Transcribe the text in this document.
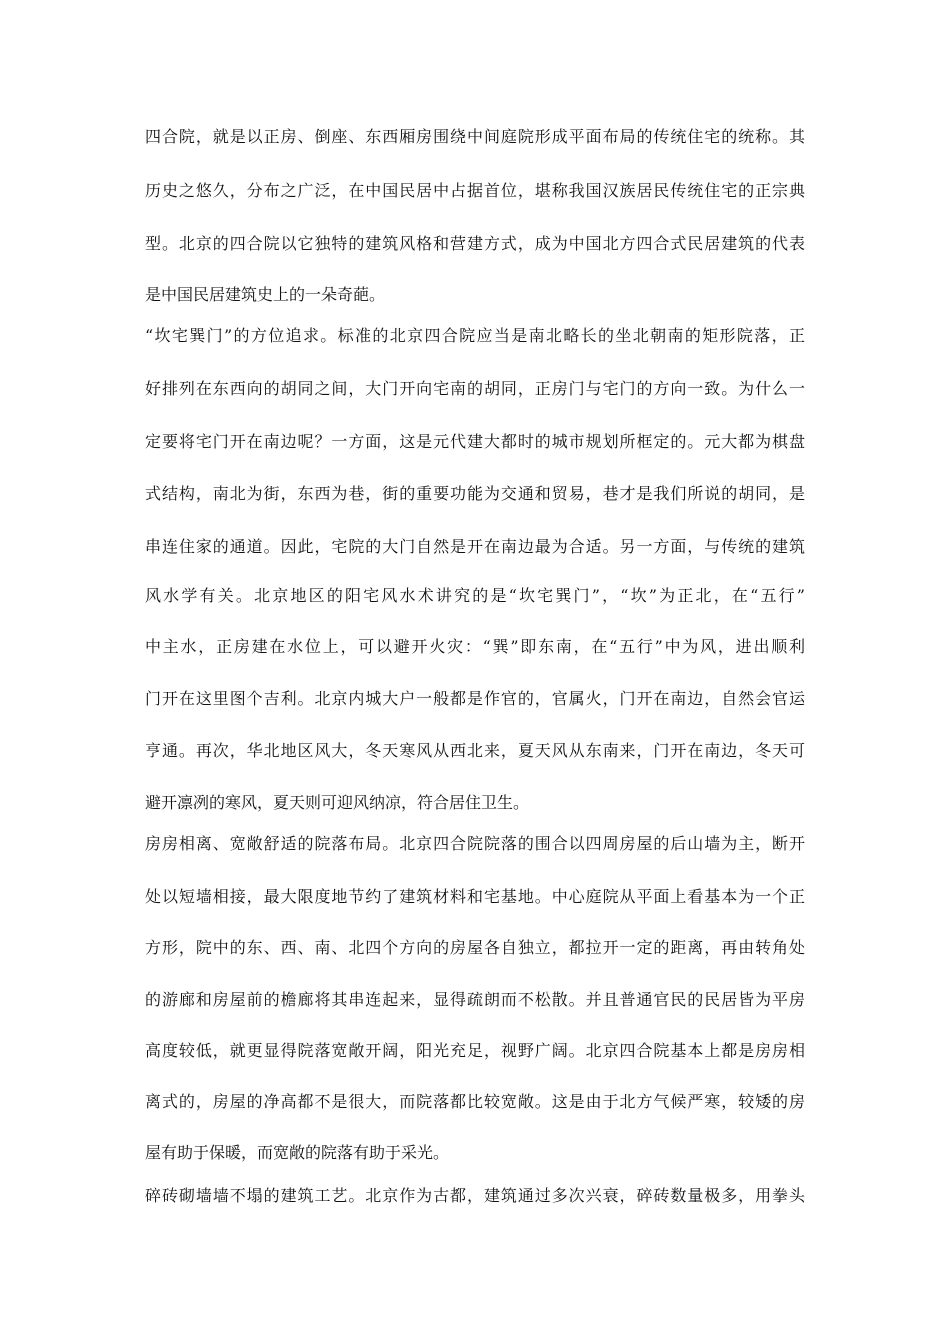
四合院，就是以正房、倒座、东西厢房围绕中间庭院形成平面布局的传统住宅的统称。其
历史之悠久，分布之广泛，在中国民居中占据首位，堪称我国汉族居民传统住宅的正宗典
型。北京的四合院以它独特的建筑风格和营建方式，成为中国北方四合式民居建筑的代表
是中国民居建筑史上的一朵奇葩。
“坎宅巽门”的方位追求。标准的北京四合院应当是南北略长的坐北朝南的矩形院落，正
好排列在东西向的胡同之间，大门开向宅南的胡同，正房门与宅门的方向一致。为什么一
定要将宅门开在南边呢？一方面，这是元代建大都时的城市规划所框定的。元大都为棋盘
式结构，南北为街，东西为巷，街的重要功能为交通和贸易，巷才是我们所说的胡同，是
串连住家的通道。因此，宅院的大门自然是开在南边最为合适。另一方面，与传统的建筑
风水学有关。北京地区的阳宅风水术讲究的是“坎宅巽门”，“坎”为正北，在“五行”
中主水，正房建在水位上，可以避开火灾：“巽”即东南，在“五行”中为风，进出顺利
门开在这里图个吉利。北京内城大户一般都是作官的，官属火，门开在南边，自然会官运
亨通。再次，华北地区风大，冬天寒风从西北来，夏天风从东南来，门开在南边，冬天可
避开凛冽的寒风，夏天则可迎风纳凉，符合居住卫生。
房房相离、宽敞舒适的院落布局。北京四合院院落的围合以四周房屋的后山墙为主，断开
处以短墙相接，最大限度地节约了建筑材料和宅基地。中心庭院从平面上看基本为一个正
方形，院中的东、西、南、北四个方向的房屋各自独立，都拉开一定的距离，再由转角处
的游廊和房屋前的檐廊将其串连起来，显得疏朗而不松散。并且普通官民的民居皆为平房
高度较低，就更显得院落宽敞开阔，阳光充足，视野广阔。北京四合院基本上都是房房相
离式的，房屋的净高都不是很大，而院落都比较宽敞。这是由于北方气候严寒，较矮的房
屋有助于保暖，而宽敞的院落有助于采光。
碎砖砌墙墙不塌的建筑工艺。北京作为古都，建筑通过多次兴衰，碎砖数量极多，用拳头
